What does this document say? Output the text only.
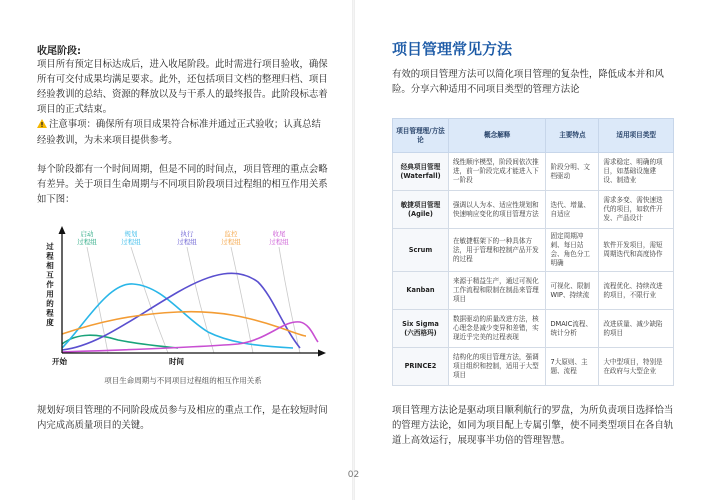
收尾阶段:
项目所有预定目标达成后，进入收尾阶段。此时需进行项目验收，确保所有可交付成果均满足要求。此外，还包括项目文档的整理归档、项目经验教训的总结、资源的释放以及与干系人的最终报告。此阶段标志着项目的正式结束。
注意事项：确保所有项目成果符合标准并通过正式验收；认真总结经验教训，为未来项目提供参考。
每个阶段都有一个时间周期，但是不同的时间点，项目管理的重点会略有差异。关于项目生命周期与不同项目阶段项目过程组的相互作用关系如下图：
启动过程组
规划过程组
执行过程组
监控过程组
收尾过程组
过程相互作用的程度
开始	时间
项目生命周期与不同项目过程组的相互作用关系
规划好项目管理的不同阶段成员参与及相应的重点工作，是在较短时间内完成高质量项目的关键。
项目管理常见方法
有效的项目管理方法可以简化项目管理的复杂性，降低成本并和风险。分享六种适用不同项目类型的管理方法论
项目管理理/方法论	概念解释	主要特点	适用项目类型
经典项目管理
(Waterfall)	线性顺序模型，阶段间依次推进，前一阶段完成才能进入下一阶段	阶段分明、文档驱动	需求稳定、明确的项目，如基础设施建设、制造业
敏捷项目管理
(Agile)	强调以人为本、适应性规划和快速响应变化的项目管理方法	迭代、增量、自适应	需求多变、需快速迭代的项目，如软件开发、产品设计
Scrum	在敏捷框架下的一种具体方法，用于管理和控制产品开发的过程	固定周期冲刺、每日站会、角色分工明确	软件开发项目，需短周期迭代和高度协作
Kanban	来源于精益生产，通过可视化工作流程和限制在制品来管理项目	可视化、限制WIP、持续流	流程优化、持续改进的项目，不限行业
Six Sigma
(六西格玛)	数据驱动的质量改进方法，核心理念是减少变异和差错，实现近乎完美的过程表现	DMAIC流程、统计分析	改进质量、减少缺陷的项目
PRINCE2	结构化的项目管理方法，强调项目组织和控制，适用于大型项目	7大原则、主题、流程	大中型项目，特别是在政府与大型企业
项目管理方法论是驱动项目顺利航行的罗盘，为所负责项目选择恰当的管理方法论，如同为项目配上专属引擎，使不同类型项目在各自轨道上高效运行，展现事半功倍的管理智慧。
02
